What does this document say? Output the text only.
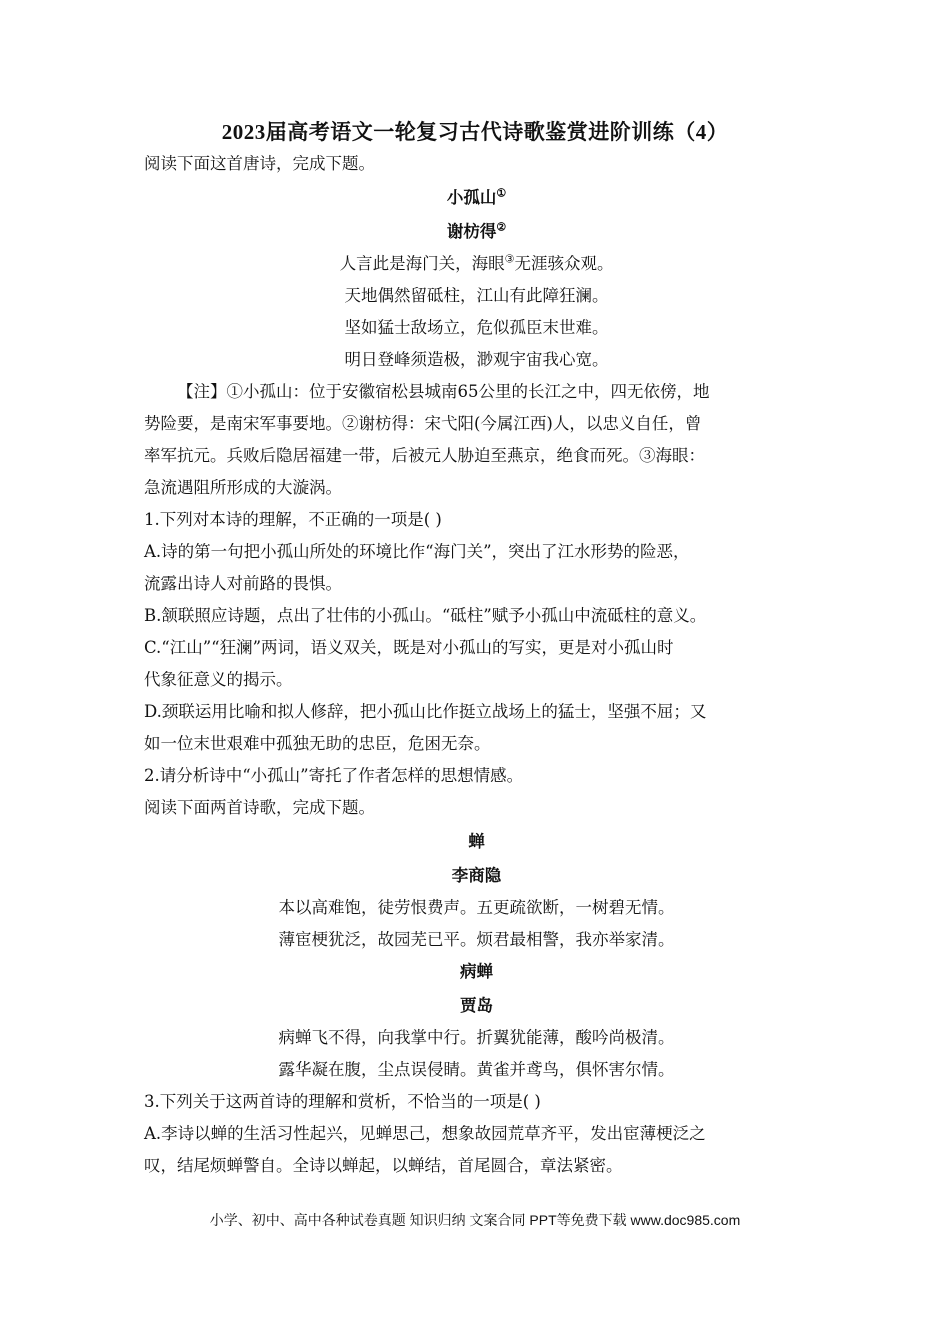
2023届高考语文一轮复习古代诗歌鉴赏进阶训练（4）

阅读下面这首唐诗，完成下题。

小孤山①

谢枋得②

人言此是海门关，海眼③无涯骇众观。

天地偶然留砥柱，江山有此障狂澜。

坚如猛士敌场立，危似孤臣末世难。

明日登峰须造极，渺观宇宙我心宽。

【注】①小孤山：位于安徽宿松县城南65公里的长江之中，四无依傍，地

势险要，是南宋军事要地。②谢枋得：宋弋阳(今属江西)人，以忠义自任，曾

率军抗元。兵败后隐居福建一带，后被元人胁迫至燕京，绝食而死。③海眼：

急流遇阻所形成的大漩涡。

1.下列对本诗的理解，不正确的一项是( )

A.诗的第一句把小孤山所处的环境比作“海门关”，突出了江水形势的险恶，

流露出诗人对前路的畏惧。

B.颔联照应诗题，点出了壮伟的小孤山。“砥柱”赋予小孤山中流砥柱的意义。

C.“江山”“狂澜”两词，语义双关，既是对小孤山的写实，更是对小孤山时

代象征意义的揭示。

D.颈联运用比喻和拟人修辞，把小孤山比作挺立战场上的猛士，坚强不屈；又

如一位末世艰难中孤独无助的忠臣，危困无奈。

2.请分析诗中“小孤山”寄托了作者怎样的思想情感。

阅读下面两首诗歌，完成下题。

蝉

李商隐

本以高难饱，徒劳恨费声。五更疏欲断，一树碧无情。

薄宦梗犹泛，故园芜已平。烦君最相警，我亦举家清。

病蝉

贾岛

病蝉飞不得，向我掌中行。折翼犹能薄，酸吟尚极清。

露华凝在腹，尘点误侵睛。黄雀并鸢鸟，俱怀害尔情。

3.下列关于这两首诗的理解和赏析，不恰当的一项是( )

A.李诗以蝉的生活习性起兴，见蝉思己，想象故园荒草齐平，发出宦薄梗泛之

叹，结尾烦蝉警自。全诗以蝉起，以蝉结，首尾圆合，章法紧密。

小学、初中、高中各种试卷真题 知识归纳 文案合同 PPT等免费下载 www.doc985.com
